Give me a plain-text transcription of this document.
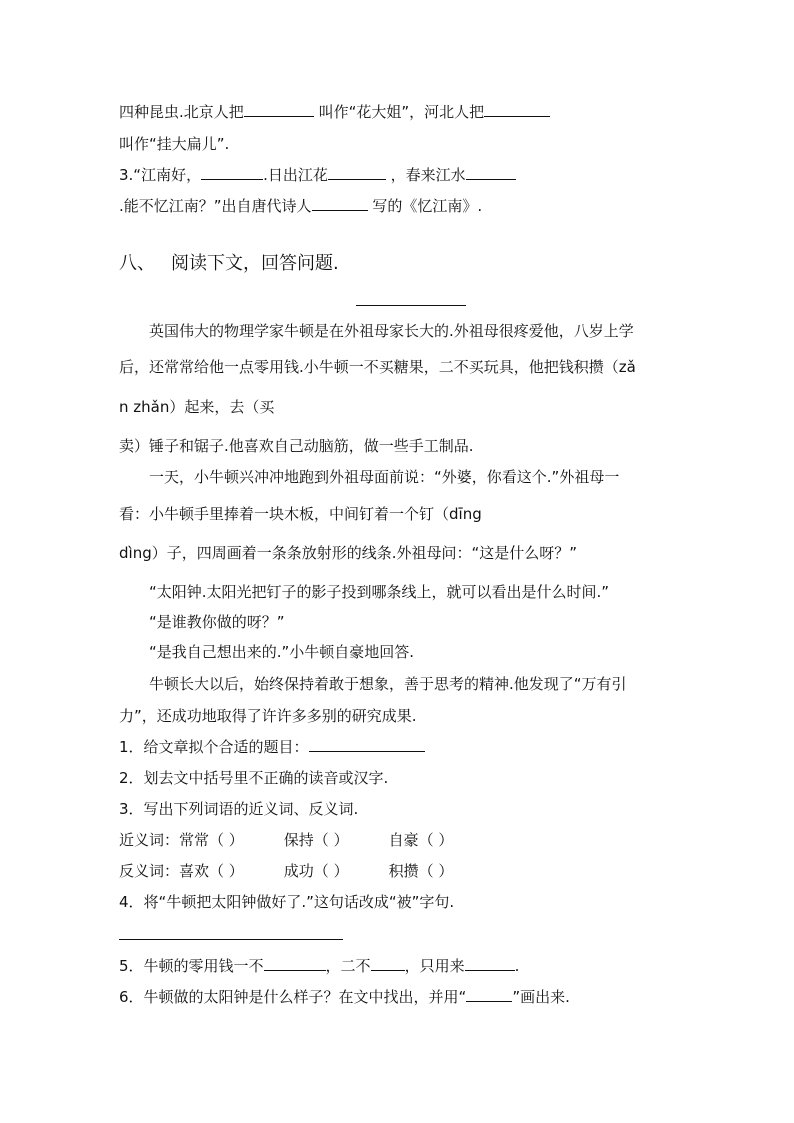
四种昆虫.北京人把	叫作“花大姐”，河北人把
叫作“挂大扁儿”.
3.“江南好，	.日出江花	，春来江水
.能不忆江南？”出自唐代诗人	写的《忆江南》.
八、 阅读下文，回答问题.
英国伟大的物理学家牛顿是在外祖母家长大的.外祖母很疼爱他，八岁上学
后，还常常给他一点零用钱.小牛顿一不买糖果，二不买玩具，他把钱积攒（zǎ
n zhǎn）起来，去（买
卖）锤子和锯子.他喜欢自己动脑筋，做一些手工制品.
一天，小牛顿兴冲冲地跑到外祖母面前说：“外婆，你看这个.”外祖母一
看：小牛顿手里捧着一块木板，中间钉着一个钉（dīng
dìng）子，四周画着一条条放射形的线条.外祖母问：“这是什么呀？”
“太阳钟.太阳光把钉子的影子投到哪条线上，就可以看出是什么时间.”
“是谁教你做的呀？”
“是我自己想出来的.”小牛顿自豪地回答.
牛顿长大以后，始终保持着敢于想象，善于思考的精神.他发现了“万有引
力”，还成功地取得了许许多多别的研究成果.
1．给文章拟个合适的题目：
2．划去文中括号里不正确的读音或汉字.
3．写出下列词语的近义词、反义词.
近义词：常常（ ）	保持（ ）	自豪（ ）
反义词：喜欢（ ）	成功（ ）	积攒（ ）
4．将“牛顿把太阳钟做好了.”这句话改成“被”字句.
5．牛顿的零用钱一不	，二不 ，只用来	.
6．牛顿做的太阳钟是什么样子？在文中找出，并用“	”画出来.
